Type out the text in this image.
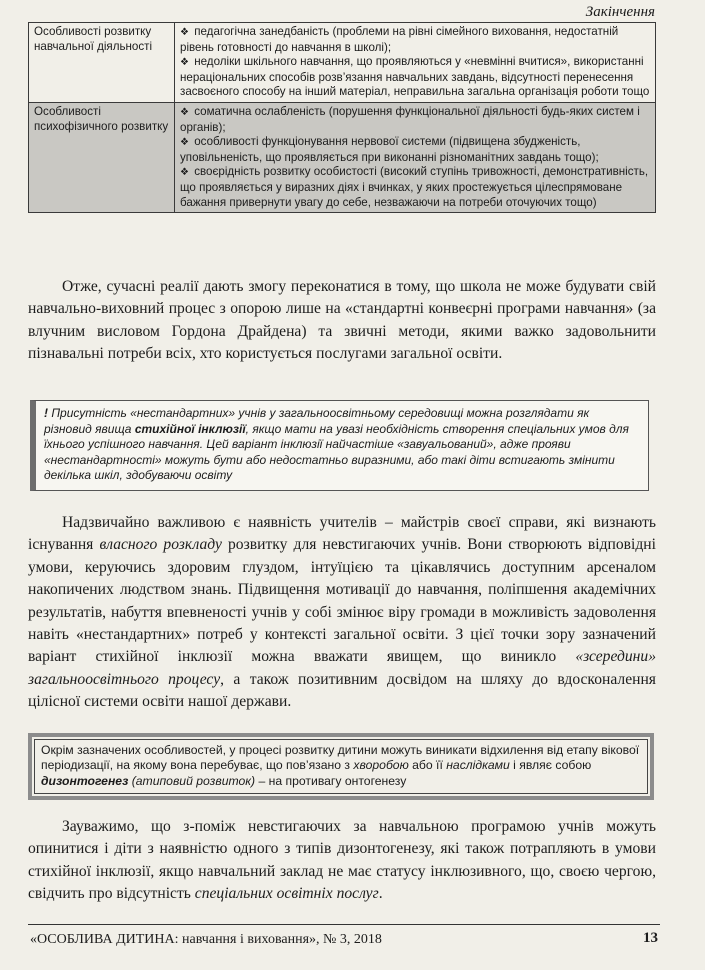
Закінчення
Особливості розвитку навчальної діяльності	❖ педагогічна занедбаність (проблеми на рівні сімейного виховання, недостатній рівень готовності до навчання в школі);

❖ недоліки шкільного навчання, що проявляються у «невмінні вчитися», використанні нераціональних способів розв’язання навчальних завдань, відсутності перенесення засвоєного способу на інший матеріал, неправильна загальна організація роботи тощо

Особливості психофізичного розвитку	❖ соматична ослабленість (порушення функціональної діяльності будь-яких систем і органів);

❖ особливості функціонування нервової системи (підвищена збудженість, уповільненість, що проявляється при виконанні різноманітних завдань тощо);

❖ своєрідність розвитку особистості (високий ступінь тривожності, демонстративність, що проявляється у виразних діях і вчинках, у яких простежується цілеспрямоване бажання привернути увагу до себе, незважаючи на потреби оточуючих тощо)

Отже, сучасні реалії дають змогу переконатися в тому, що школа не може будувати свій навчально-виховний процес з опорою лише на «стандартні конвеєрні програми навчання» (за влучним висловом Гордона Драйдена) та звичні методи, якими важко задовольнити пізнавальні потреби всіх, хто користується послугами загальної освіти.

! Присутність «нестандартних» учнів у загальноосвітньому середовищі можна розглядати як різновид явища стихійної інклюзії, якщо мати на увазі необхідність створення спеціальних умов для їхнього успішного навчання. Цей варіант інклюзії найчастіше «завуальований», адже прояви «нестандартності» можуть бути або недостатньо виразними, або такі діти встигають змінити декілька шкіл, здобуваючи освіту

Надзвичайно важливою є наявність учителів – майстрів своєї справи, які визнають існування власного розкладу розвитку для невстигаючих учнів. Вони створюють відповідні умови, керуючись здоровим глуздом, інтуїцією та цікавлячись доступним арсеналом накопичених людством знань. Підвищення мотивації до навчання, поліпшення академічних результатів, набуття впевненості учнів у собі змінює віру громади в можливість задоволення навіть «нестандартних» потреб у контексті загальної освіти. З цієї точки зору зазначений варіант стихійної інклюзії можна вважати явищем, що виникло «зсередини» загальноосвітнього процесу, а також позитивним досвідом на шляху до вдосконалення цілісної системи освіти нашої держави.

Окрім зазначених особливостей, у процесі розвитку дитини можуть виникати відхилення від етапу вікової періодизації, на якому вона перебуває, що пов’язано з хворобою або її наслідками і являє собою дизонтогенез (атиповий розвиток) – на противагу онтогенезу

Зауважимо, що з-поміж невстигаючих за навчальною програмою учнів можуть опинитися і діти з наявністю одного з типів дизонтогенезу, які також потрапляють в умови стихійної інклюзії, якщо навчальний заклад не має статусу інклюзивного, що, своєю чергою, свідчить про відсутність спеціальних освітніх послуг.

«ОСОБЛИВА ДИТИНА: навчання і виховання», № 3, 2018	13
